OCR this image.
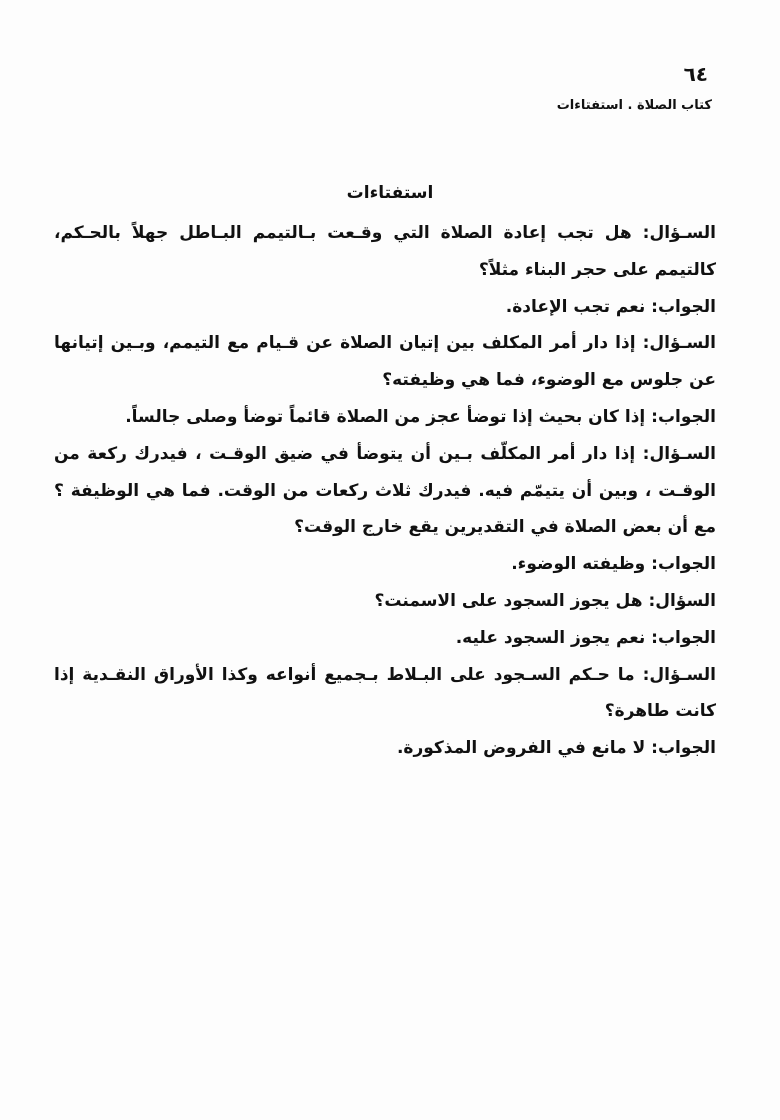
٦٤
كتاب الصلاة . استفتاءات
استفتاءات

السـؤال: هل تجب إعادة الصلاة التي وقـعت بـالتيمم البـاطل جهلاً بالحـكم، كالتيمم على حجر البناء مثلاً؟

الجواب: نعم تجب الإعادة.

السـؤال: إذا دار أمر المكلف بين إتيان الصلاة عن قـيام مع التيمم، وبـين إتيانها عن جلوس مع الوضوء، فما هي وظيفته؟

الجواب: إذا كان بحيث إذا توضأ عجز من الصلاة قائماً توضأ وصلى جالساً.

السـؤال: إذا دار أمر المكلّف بـين أن يتوضأ في ضيق الوقـت ، فيدرك ركعة من الوقـت ، وبين أن يتيمّم فيه. فيدرك ثلاث ركعات من الوقت. فما هي الوظيفة ؟ مع أن بعض الصلاة في التقديرين يقع خارج الوقت؟

الجواب: وظيفته الوضوء.

السؤال: هل يجوز السجود على الاسمنت؟

الجواب: نعم يجوز السجود عليه.

السـؤال: ما حـكم السـجود على البـلاط بـجميع أنواعه وكذا الأوراق النقـدية إذا كانت طاهرة؟

الجواب: لا مانع في الفروض المذكورة.
